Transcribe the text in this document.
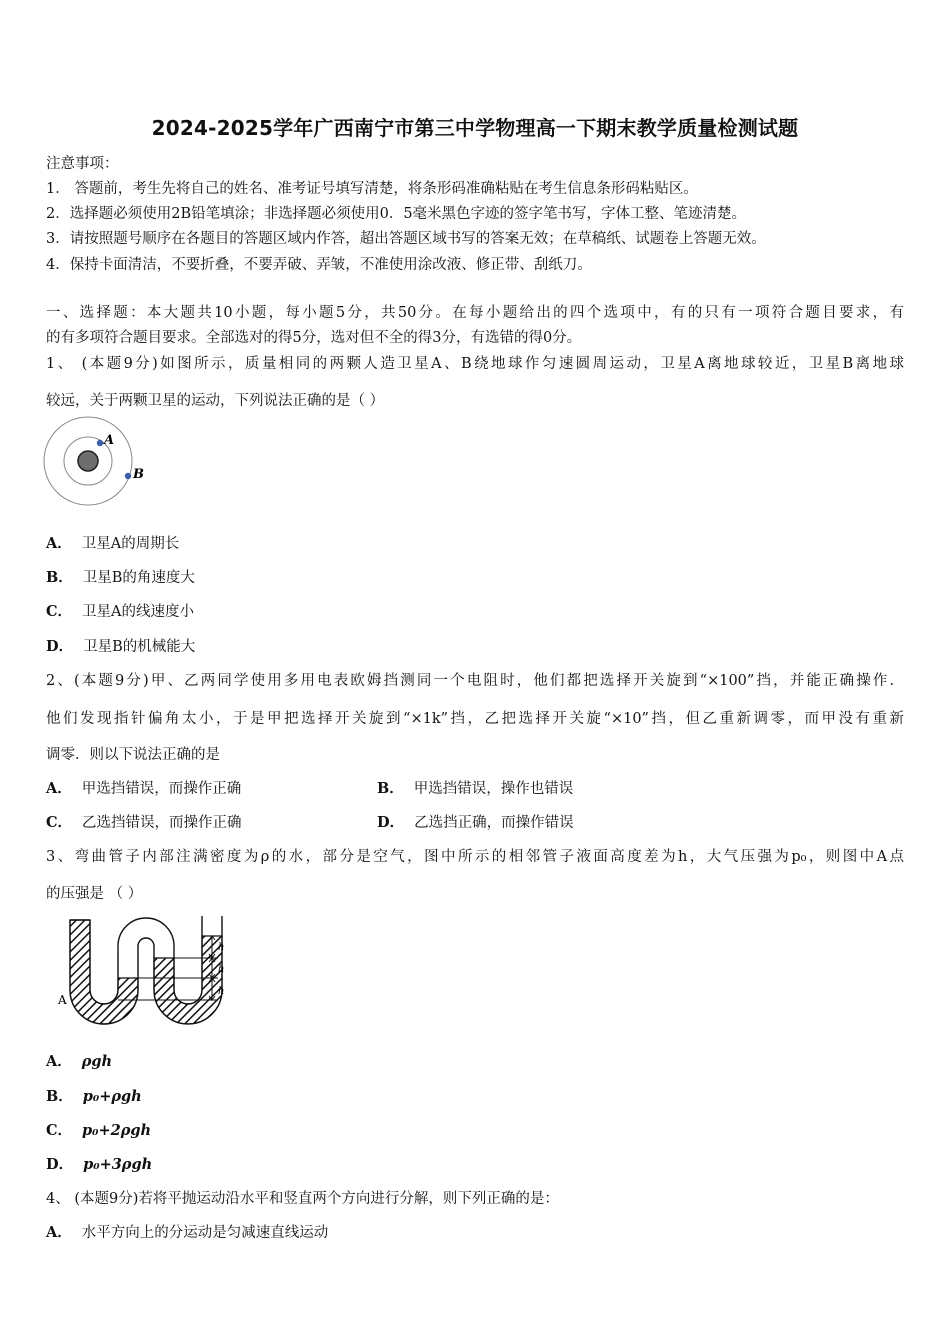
2024-2025学年广西南宁市第三中学物理高一下期末教学质量检测试题
注意事项：
1． 答题前，考生先将自己的姓名、准考证号填写清楚，将条形码准确粘贴在考生信息条形码粘贴区。
2．选择题必须使用2B铅笔填涂；非选择题必须使用0．5毫米黑色字迹的签字笔书写，字体工整、笔迹清楚。
3．请按照题号顺序在各题目的答题区域内作答，超出答题区域书写的答案无效；在草稿纸、试题卷上答题无效。
4．保持卡面清洁，不要折叠，不要弄破、弄皱，不准使用涂改液、修正带、刮纸刀。
一、选择题：本大题共10小题，每小题5分，共50分。在每小题给出的四个选项中，有的只有一项符合题目要求，有
的有多项符合题目要求。全部选对的得5分，选对但不全的得3分，有选错的得0分。
1、 (本题9分)如图所示，质量相同的两颗人造卫星A、B绕地球作匀速圆周运动，卫星A离地球较近，卫星B离地球
较远，关于两颗卫星的运动，下列说法正确的是（ ）
A
B
A． 卫星A的周期长
B． 卫星B的角速度大
C． 卫星A的线速度小
D． 卫星B的机械能大
2、(本题9分)甲、乙两同学使用多用电表欧姆挡测同一个电阻时，他们都把选择开关旋到“×100”挡，并能正确操作．
他们发现指针偏角太小，于是甲把选择开关旋到“×1k”挡，乙把选择开关旋“×10”挡，但乙重新调零，而甲没有重新
调零．则以下说法正确的是
A． 甲选挡错误，而操作正确	B． 甲选挡错误，操作也错误
C． 乙选挡错误，而操作正确	D． 乙选挡正确，而操作错误
3、弯曲管子内部注满密度为ρ的水，部分是空气，图中所示的相邻管子液面高度差为h，大气压强为p₀，则图中A点
的压强是 （ ）
h
h
h
A
A． ρgh
B． p₀+ρgh
C． p₀+2ρgh
D． p₀+3ρgh
4、 (本题9分)若将平抛运动沿水平和竖直两个方向进行分解，则下列正确的是：
A． 水平方向上的分运动是匀减速直线运动
